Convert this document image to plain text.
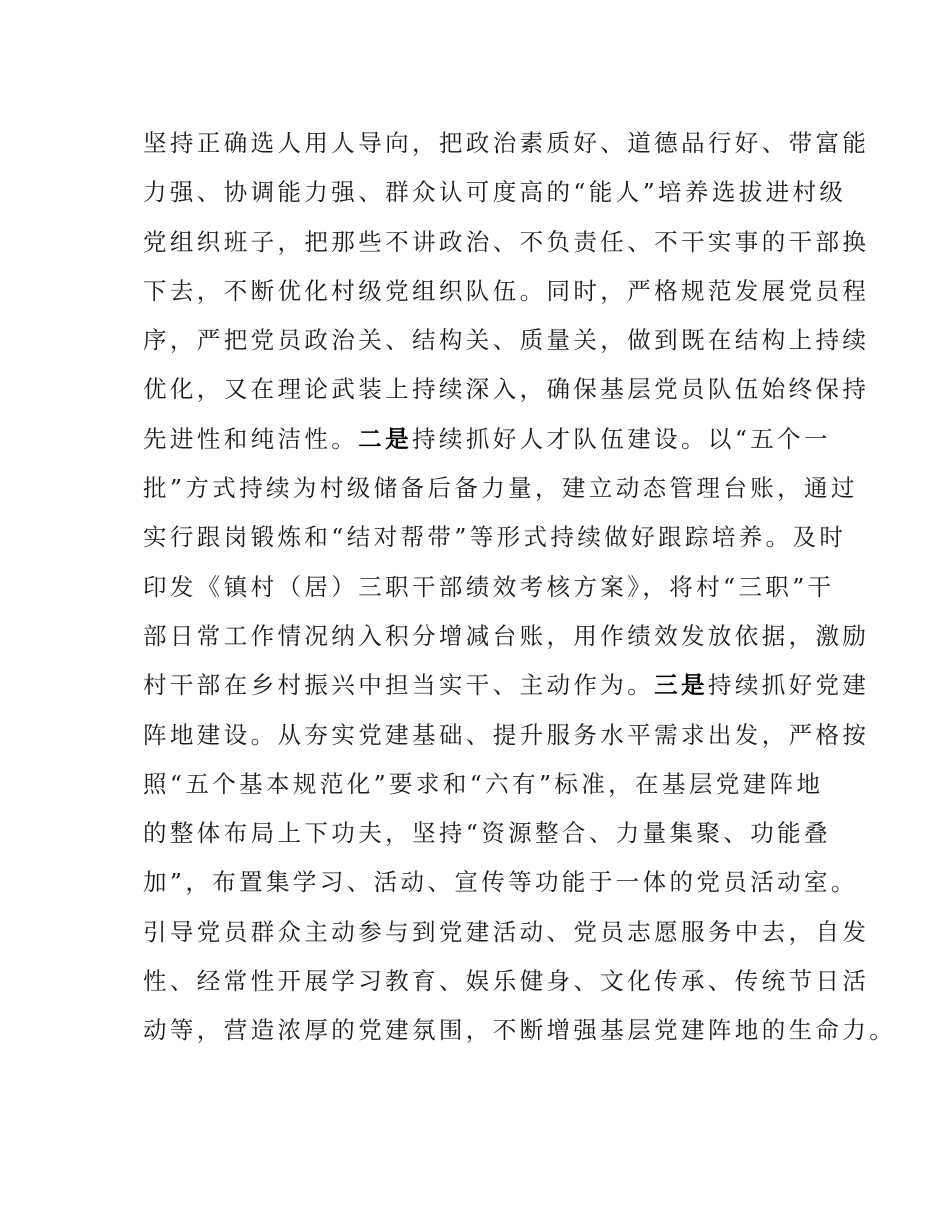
坚持正确选人用人导向，把政治素质好、道德品行好、带富能
力强、协调能力强、群众认可度高的“能人”培养选拔进村级
党组织班子，把那些不讲政治、不负责任、不干实事的干部换
下去，不断优化村级党组织队伍。同时，严格规范发展党员程
序，严把党员政治关、结构关、质量关，做到既在结构上持续
优化，又在理论武装上持续深入，确保基层党员队伍始终保持
先进性和纯洁性。二是持续抓好人才队伍建设。以“五个一
批”方式持续为村级储备后备力量，建立动态管理台账，通过
实行跟岗锻炼和“结对帮带”等形式持续做好跟踪培养。及时
印发《镇村（居）三职干部绩效考核方案》，将村“三职”干
部日常工作情况纳入积分增减台账，用作绩效发放依据，激励
村干部在乡村振兴中担当实干、主动作为。三是持续抓好党建
阵地建设。从夯实党建基础、提升服务水平需求出发，严格按
照“五个基本规范化”要求和“六有”标准，在基层党建阵地
的整体布局上下功夫，坚持“资源整合、力量集聚、功能叠
加”，布置集学习、活动、宣传等功能于一体的党员活动室。
引导党员群众主动参与到党建活动、党员志愿服务中去，自发
性、经常性开展学习教育、娱乐健身、文化传承、传统节日活
动等，营造浓厚的党建氛围，不断增强基层党建阵地的生命力。
